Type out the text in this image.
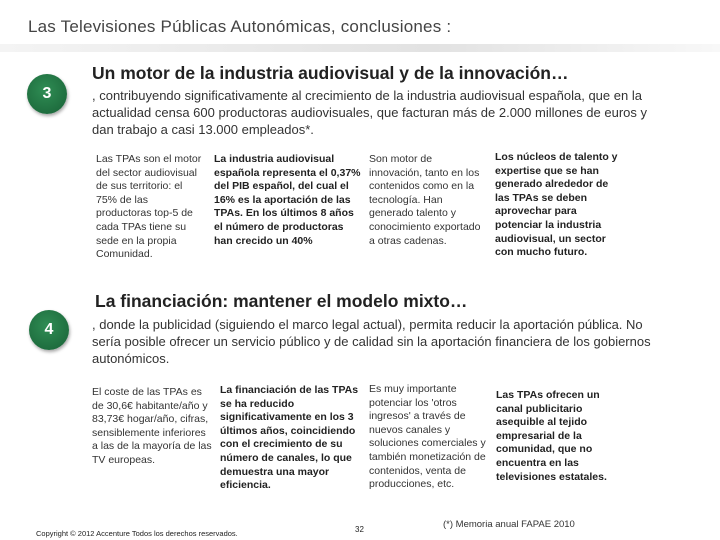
Las Televisiones Públicas Autonómicas, conclusiones :
3
Un motor de la industria audiovisual y de la innovación…
, contribuyendo significativamente al crecimiento de la industria audiovisual española, que en la actualidad censa 600 productoras audiovisuales, que facturan más de 2.000 millones de euros y dan trabajo a casi 13.000 empleados*.
Las TPAs son el motor del sector audiovisual de sus territorio: el 75% de las productoras top-5 de cada TPAs tiene su sede en la propia Comunidad.
La industria audiovisual española representa el 0,37% del PIB español, del cual el 16% es la aportación de las TPAs. En los últimos 8 años el número de productoras han crecido un 40%
Son motor de innovación, tanto en los contenidos como en la tecnología. Han generado talento y conocimiento exportado a otras cadenas.
Los núcleos de talento y expertise que se han generado alrededor de las TPAs se deben aprovechar para potenciar la industria audiovisual, un sector con mucho futuro.
4
La financiación: mantener el modelo mixto…
, donde la publicidad (siguiendo el marco legal actual), permita reducir la aportación pública. No sería posible ofrecer un servicio público y de calidad sin la aportación financiera de los gobiernos autonómicos.
El coste de las TPAs es de 30,6€ habitante/año y 83,73€ hogar/año, cifras, sensiblemente inferiores a las de la mayoría de las TV europeas.
La financiación de las TPAs se ha reducido significativamente en los 3 últimos años, coincidiendo con el crecimiento de su número de canales, lo que demuestra una mayor eficiencia.
Es muy importante potenciar los 'otros ingresos' a través de nuevos canales y soluciones comerciales y también monetización de contenidos, venta de producciones, etc.
Las TPAs ofrecen un canal publicitario asequible al tejido empresarial de la comunidad, que no encuentra en las televisiones estatales.
Copyright © 2012 Accenture Todos los derechos reservados.	32	(*) Memoria anual FAPAE 2010
